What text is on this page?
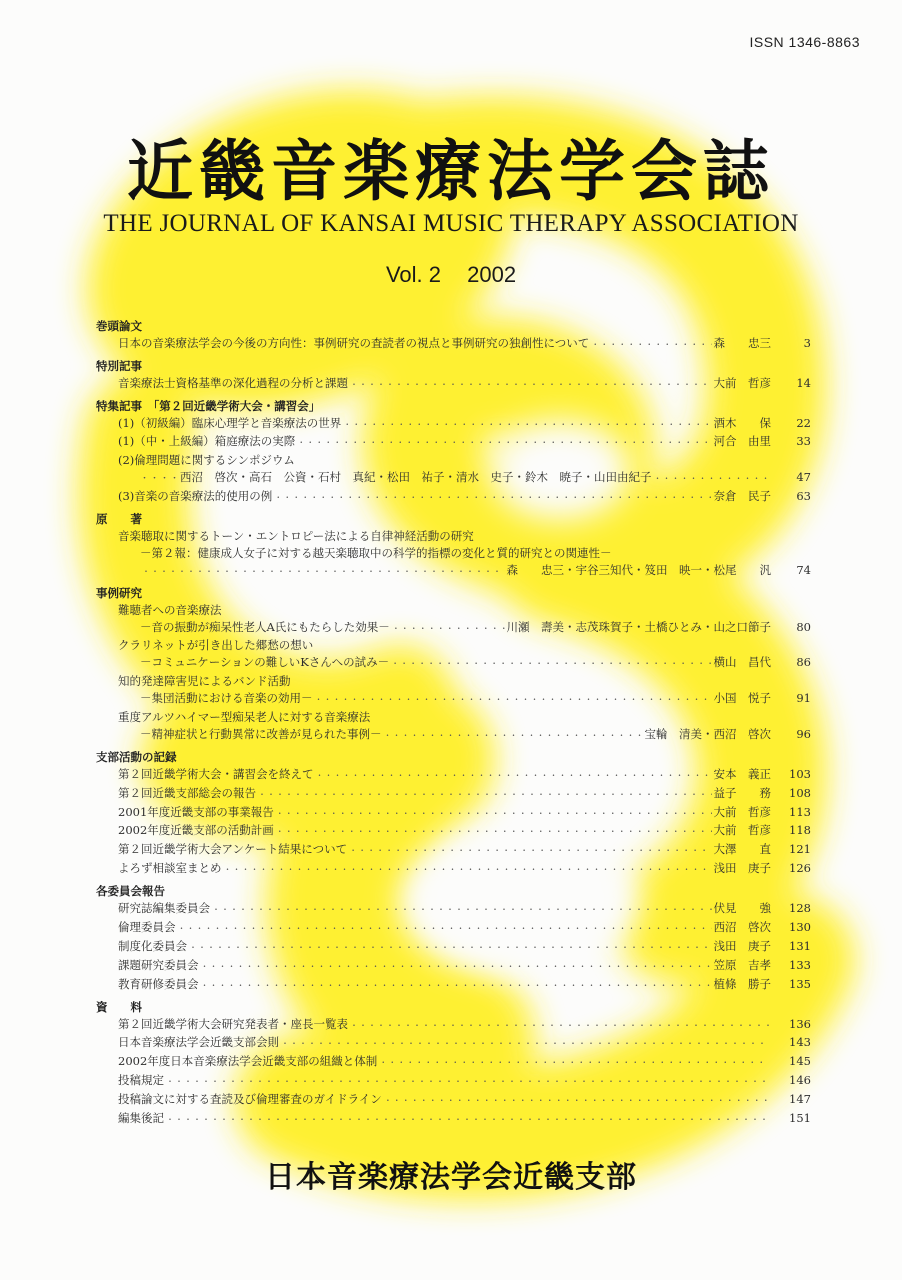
ISSN 1346-8863
近畿音楽療法学会誌
THE JOURNAL OF KANSAI MUSIC THERAPY ASSOCIATION
Vol. 2 2002
巻頭論文
日本の音楽療法学会の今後の方向性：事例研究の査読者の視点と事例研究の独創性について ・・・・・・・・・・・・・・・・・・・・・・・・・・・・・・・・・・・・・・・・・・・・・・・・・・・・・・・・・・・・・・・・・・・・・・・・・・・・・・・・・・・・・・・・・・・・・・・・・・・・・・・・・・	森　　忠三	3
特別記事
音楽療法士資格基準の深化過程の分析と課題 ・・・・・・・・・・・・・・・・・・・・・・・・・・・・・・・・・・・・・・・・・・・・・・・・・・・・・・・・・・・・・・・・・・・・・・・・・・・・・・・・・・・・・・・・・・・・・・・・・・・・・・・・・・	大前　哲彦	14
特集記事　「第２回近畿学術大会・講習会」
(1)（初級編）臨床心理学と音楽療法の世界 ・・・・・・・・・・・・・・・・・・・・・・・・・・・・・・・・・・・・・・・・・・・・・・・・・・・・・・・・・・・・・・・・・・・・・・・・・・・・・・・・・・・・・・・・・・・・・・・・・・・・・・・・・・	酒木　　保	22
(1)（中・上級編）箱庭療法の実際 ・・・・・・・・・・・・・・・・・・・・・・・・・・・・・・・・・・・・・・・・・・・・・・・・・・・・・・・・・・・・・・・・・・・・・・・・・・・・・・・・・・・・・・・・・・・・・・・・・・・・・・・・・・	河合　由里	33
(2)倫理問題に関するシンポジウム
・・・・ 西沼　啓次・高石　公資・石村　真紀・松田　祐子・清水　史子・鈴木　暁子・山田由紀子 ・・・・・・・・・・・・・・・・・・・・・・・・・・・・・・・・・・・・・・・・・・・・・・・・・・・・・・・・・・・・・・・・・・・・・・・・・・・・・・・・・・・・・・・・・・・・・・・・・・・・・・・・・・	47
(3)音楽の音楽療法的使用の例 ・・・・・・・・・・・・・・・・・・・・・・・・・・・・・・・・・・・・・・・・・・・・・・・・・・・・・・・・・・・・・・・・・・・・・・・・・・・・・・・・・・・・・・・・・・・・・・・・・・・・・・・・・・	奈倉　民子	63
原　　著
音楽聴取に関するトーン・エントロピー法による自律神経活動の研究
－第２報：健康成人女子に対する越天楽聴取中の科学的指標の変化と質的研究との関連性－
・・・・・・・・・・・・・・・・・・・・・・・・・・・・・・・・・・・・・・・・・・・・・・・・・・・・・・・・・・・・・・・・・・・・・・・・・・・・・・・・・・・・・・・・・・・・・・・・・・・・・・・・・・
森　　忠三・宇谷三知代・笈田　映一・松尾　　汎	74
事例研究
難聴者への音楽療法
－音の振動が痴呆性老人A氏にもたらした効果－ ・・・・・・・・・・・・・・・・・・・・・・・・・・・・・・・・・・・・・・・・・・・・・・・・・・・・・・・・・・・・・・・・・・・・・・・・・・・・・・・・・・・・・・・・・・・・・・・・・・・・・・・・・・	川瀬　壽美・志茂珠賀子・土橋ひとみ・山之口節子	80
クラリネットが引き出した郷愁の想い
－コミュニケーションの難しいKさんへの試み－ ・・・・・・・・・・・・・・・・・・・・・・・・・・・・・・・・・・・・・・・・・・・・・・・・・・・・・・・・・・・・・・・・・・・・・・・・・・・・・・・・・・・・・・・・・・・・・・・・・・・・・・・・・・	横山　昌代	86
知的発達障害児によるバンド活動
－集団活動における音楽の効用－ ・・・・・・・・・・・・・・・・・・・・・・・・・・・・・・・・・・・・・・・・・・・・・・・・・・・・・・・・・・・・・・・・・・・・・・・・・・・・・・・・・・・・・・・・・・・・・・・・・・・・・・・・・・	小国　悦子	91
重度アルツハイマー型痴呆老人に対する音楽療法
－精神症状と行動異常に改善が見られた事例－ ・・・・・・・・・・・・・・・・・・・・・・・・・・・・・・・・・・・・・・・・・・・・・・・・・・・・・・・・・・・・・・・・・・・・・・・・・・・・・・・・・・・・・・・・・・・・・・・・・・・・・・・・・・	宝輪　清美・西沼　啓次	96
支部活動の記録
第２回近畿学術大会・講習会を終えて ・・・・・・・・・・・・・・・・・・・・・・・・・・・・・・・・・・・・・・・・・・・・・・・・・・・・・・・・・・・・・・・・・・・・・・・・・・・・・・・・・・・・・・・・・・・・・・・・・・・・・・・・・・	安本　義正	103
第２回近畿支部総会の報告 ・・・・・・・・・・・・・・・・・・・・・・・・・・・・・・・・・・・・・・・・・・・・・・・・・・・・・・・・・・・・・・・・・・・・・・・・・・・・・・・・・・・・・・・・・・・・・・・・・・・・・・・・・・	益子　　務	108
2001年度近畿支部の事業報告 ・・・・・・・・・・・・・・・・・・・・・・・・・・・・・・・・・・・・・・・・・・・・・・・・・・・・・・・・・・・・・・・・・・・・・・・・・・・・・・・・・・・・・・・・・・・・・・・・・・・・・・・・・・	大前　哲彦	113
2002年度近畿支部の活動計画 ・・・・・・・・・・・・・・・・・・・・・・・・・・・・・・・・・・・・・・・・・・・・・・・・・・・・・・・・・・・・・・・・・・・・・・・・・・・・・・・・・・・・・・・・・・・・・・・・・・・・・・・・・・	大前　哲彦	118
第２回近畿学術大会アンケート結果について ・・・・・・・・・・・・・・・・・・・・・・・・・・・・・・・・・・・・・・・・・・・・・・・・・・・・・・・・・・・・・・・・・・・・・・・・・・・・・・・・・・・・・・・・・・・・・・・・・・・・・・・・・・	大澤　　直	121
よろず相談室まとめ ・・・・・・・・・・・・・・・・・・・・・・・・・・・・・・・・・・・・・・・・・・・・・・・・・・・・・・・・・・・・・・・・・・・・・・・・・・・・・・・・・・・・・・・・・・・・・・・・・・・・・・・・・・	浅田　庚子	126
各委員会報告
研究誌編集委員会 ・・・・・・・・・・・・・・・・・・・・・・・・・・・・・・・・・・・・・・・・・・・・・・・・・・・・・・・・・・・・・・・・・・・・・・・・・・・・・・・・・・・・・・・・・・・・・・・・・・・・・・・・・・	伏見　　強	128
倫理委員会 ・・・・・・・・・・・・・・・・・・・・・・・・・・・・・・・・・・・・・・・・・・・・・・・・・・・・・・・・・・・・・・・・・・・・・・・・・・・・・・・・・・・・・・・・・・・・・・・・・・・・・・・・・・	西沼　啓次	130
制度化委員会 ・・・・・・・・・・・・・・・・・・・・・・・・・・・・・・・・・・・・・・・・・・・・・・・・・・・・・・・・・・・・・・・・・・・・・・・・・・・・・・・・・・・・・・・・・・・・・・・・・・・・・・・・・・	浅田　庚子	131
課題研究委員会 ・・・・・・・・・・・・・・・・・・・・・・・・・・・・・・・・・・・・・・・・・・・・・・・・・・・・・・・・・・・・・・・・・・・・・・・・・・・・・・・・・・・・・・・・・・・・・・・・・・・・・・・・・・	笠原　吉孝	133
教育研修委員会 ・・・・・・・・・・・・・・・・・・・・・・・・・・・・・・・・・・・・・・・・・・・・・・・・・・・・・・・・・・・・・・・・・・・・・・・・・・・・・・・・・・・・・・・・・・・・・・・・・・・・・・・・・・	植條　勝子	135
資　　料
第２回近畿学術大会研究発表者・座長一覧表 ・・・・・・・・・・・・・・・・・・・・・・・・・・・・・・・・・・・・・・・・・・・・・・・・・・・・・・・・・・・・・・・・・・・・・・・・・・・・・・・・・・・・・・・・・・・・・・・・・・・・・・・・・・	136
日本音楽療法学会近畿支部会則 ・・・・・・・・・・・・・・・・・・・・・・・・・・・・・・・・・・・・・・・・・・・・・・・・・・・・・・・・・・・・・・・・・・・・・・・・・・・・・・・・・・・・・・・・・・・・・・・・・・・・・・・・・・	143
2002年度日本音楽療法学会近畿支部の組織と体制 ・・・・・・・・・・・・・・・・・・・・・・・・・・・・・・・・・・・・・・・・・・・・・・・・・・・・・・・・・・・・・・・・・・・・・・・・・・・・・・・・・・・・・・・・・・・・・・・・・・・・・・・・・・	145
投稿規定 ・・・・・・・・・・・・・・・・・・・・・・・・・・・・・・・・・・・・・・・・・・・・・・・・・・・・・・・・・・・・・・・・・・・・・・・・・・・・・・・・・・・・・・・・・・・・・・・・・・・・・・・・・・	146
投稿論文に対する査読及び倫理審査のガイドライン ・・・・・・・・・・・・・・・・・・・・・・・・・・・・・・・・・・・・・・・・・・・・・・・・・・・・・・・・・・・・・・・・・・・・・・・・・・・・・・・・・・・・・・・・・・・・・・・・・・・・・・・・・・	147
編集後記 ・・・・・・・・・・・・・・・・・・・・・・・・・・・・・・・・・・・・・・・・・・・・・・・・・・・・・・・・・・・・・・・・・・・・・・・・・・・・・・・・・・・・・・・・・・・・・・・・・・・・・・・・・・	151
日本音楽療法学会近畿支部
